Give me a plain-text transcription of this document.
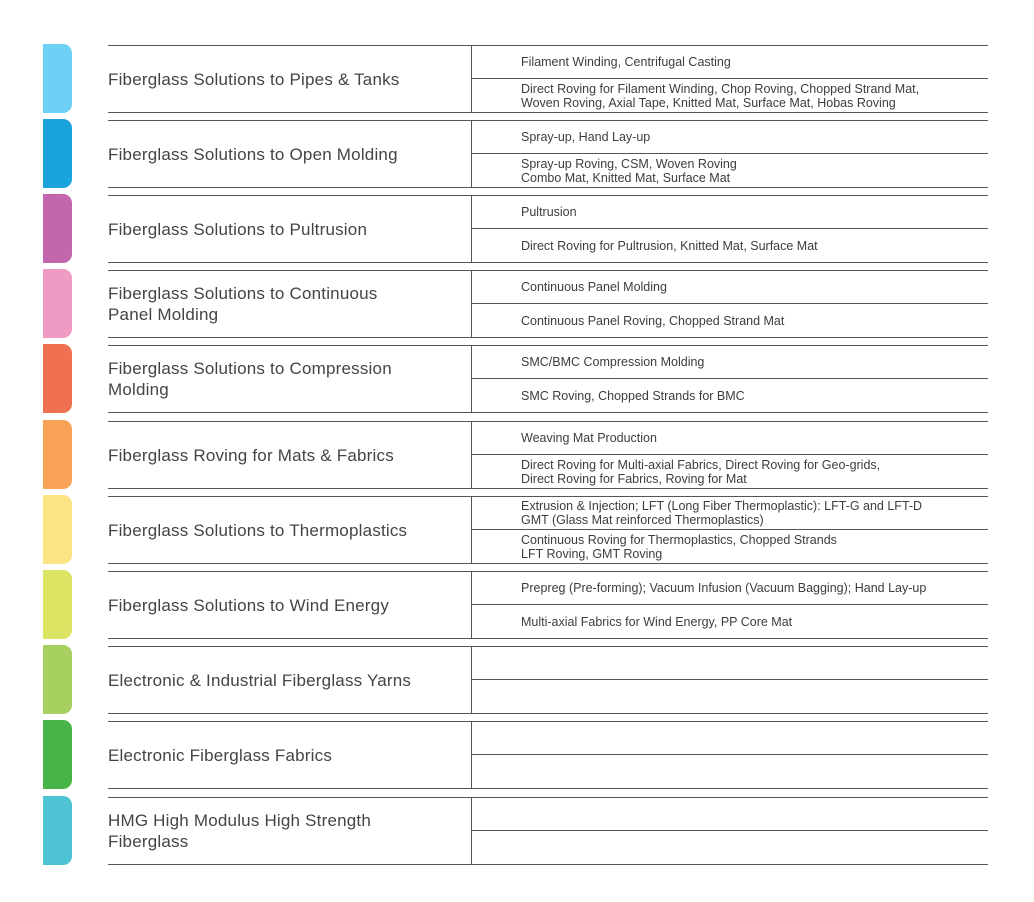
Fiberglass Solutions to Pipes & Tanks
Filament Winding, Centrifugal Casting
Direct Roving for Filament Winding, Chop Roving, Chopped Strand Mat,
Woven Roving, Axial Tape, Knitted Mat, Surface Mat, Hobas Roving
Fiberglass Solutions to Open Molding
Spray-up, Hand Lay-up
Spray-up Roving, CSM, Woven Roving
Combo Mat, Knitted Mat, Surface Mat
Fiberglass Solutions to Pultrusion
Pultrusion
Direct Roving for Pultrusion, Knitted Mat, Surface Mat
Fiberglass Solutions to Continuous
Panel Molding
Continuous Panel Molding
Continuous Panel Roving, Chopped Strand Mat
Fiberglass Solutions to Compression
Molding
SMC/BMC Compression Molding
SMC Roving, Chopped Strands for BMC
Fiberglass Roving for Mats & Fabrics
Weaving Mat Production
Direct Roving for Multi-axial Fabrics, Direct Roving for Geo-grids,
Direct Roving for Fabrics, Roving for Mat
Fiberglass Solutions to Thermoplastics
Extrusion & Injection; LFT (Long Fiber Thermoplastic): LFT-G and LFT-D
GMT (Glass Mat reinforced Thermoplastics)
Continuous Roving for Thermoplastics, Chopped Strands
LFT Roving, GMT Roving
Fiberglass Solutions to Wind Energy
Prepreg (Pre-forming); Vacuum Infusion (Vacuum Bagging); Hand Lay-up
Multi-axial Fabrics for Wind Energy, PP Core Mat
Electronic & Industrial Fiberglass Yarns
Electronic Fiberglass Fabrics
HMG High Modulus High Strength
Fiberglass
